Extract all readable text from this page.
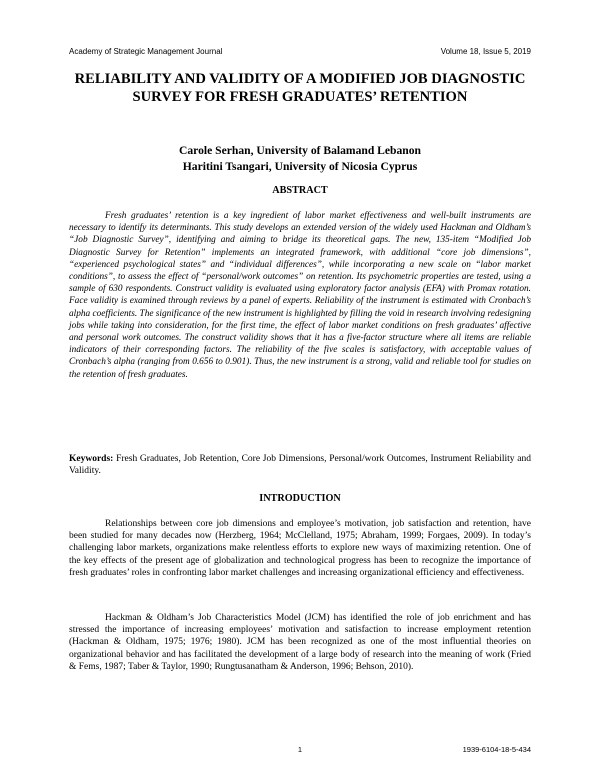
Academy of Strategic Management Journal	Volume 18, Issue 5, 2019
RELIABILITY AND VALIDITY OF A MODIFIED JOB DIAGNOSTIC SURVEY FOR FRESH GRADUATES’ RETENTION
Carole Serhan, University of Balamand Lebanon
Haritini Tsangari, University of Nicosia Cyprus
ABSTRACT

Fresh graduates’ retention is a key ingredient of labor market effectiveness and well-built instruments are necessary to identify its determinants. This study develops an extended version of the widely used Hackman and Oldham’s “Job Diagnostic Survey”, identifying and aiming to bridge its theoretical gaps. The new, 135-item “Modified Job Diagnostic Survey for Retention” implements an integrated framework, with additional “core job dimensions”, “experienced psychological states” and “individual differences”, while incorporating a new scale on “labor market conditions”, to assess the effect of “personal/work outcomes” on retention. Its psychometric properties are tested, using a sample of 630 respondents. Construct validity is evaluated using exploratory factor analysis (EFA) with Promax rotation. Face validity is examined through reviews by a panel of experts. Reliability of the instrument is estimated with Cronbach’s alpha coefficients. The significance of the new instrument is highlighted by filling the void in research involving redesigning jobs while taking into consideration, for the first time, the effect of labor market conditions on fresh graduates’ affective and personal work outcomes. The construct validity shows that it has a five-factor structure where all items are reliable indicators of their corresponding factors. The reliability of the five scales is satisfactory, with acceptable values of Cronbach’s alpha (ranging from 0.656 to 0.901). Thus, the new instrument is a strong, valid and reliable tool for studies on the retention of fresh graduates.

Keywords: Fresh Graduates, Job Retention, Core Job Dimensions, Personal/work Outcomes, Instrument Reliability and Validity.

INTRODUCTION

Relationships between core job dimensions and employee’s motivation, job satisfaction and retention, have been studied for many decades now (Herzberg, 1964; McClelland, 1975; Abraham, 1999; Forgaes, 2009). In today’s challenging labor markets, organizations make relentless efforts to explore new ways of maximizing retention. One of the key effects of the present age of globalization and technological progress has been to recognize the importance of fresh graduates’ roles in confronting labor market challenges and increasing organizational efficiency and effectiveness.

Hackman & Oldham’s Job Characteristics Model (JCM) has identified the role of job enrichment and has stressed the importance of increasing employees’ motivation and satisfaction to increase employment retention (Hackman & Oldham, 1975; 1976; 1980). JCM has been recognized as one of the most influential theories on organizational behavior and has facilitated the development of a large body of research into the meaning of work (Fried & Fems, 1987; Taber & Taylor, 1990; Rungtusanatham & Anderson, 1996; Behson, 2010).

1	1939-6104-18-5-434
